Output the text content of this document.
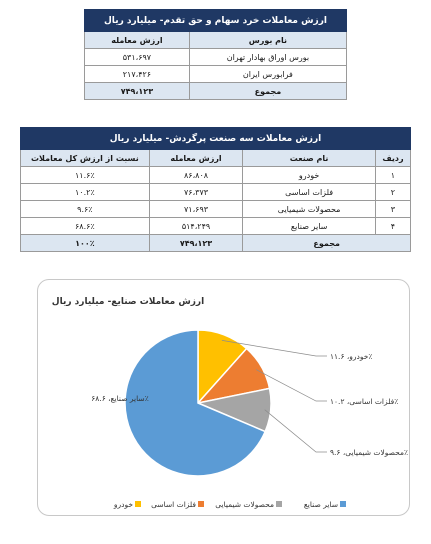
ارزش معاملات خرد سهام و حق تقدم- میلیارد ریال	
نام بورس	ارزش معامله
بورس اوراق بهادار تهران	۵۳۱،۶۹۷
فرابورس ایران	۲۱۷،۴۲۶
مجموع	۷۴۹،۱۲۳
ارزش معاملات سه صنعت پرگردش- میلیارد ریال			
ردیف	نام صنعت	ارزش معامله	نسبت از ارزش کل معاملات
۱	خودرو	۸۶،۸۰۸	۱۱.۶٪
۲	فلزات اساسی	۷۶،۳۷۳	۱۰.۲٪
۳	محصولات شیمیایی	۷۱،۶۹۳	۹.۶٪
۴	سایر صنایع	۵۱۴،۲۴۹	۶۸.۶٪
مجموع		۷۴۹،۱۲۳	۱۰۰٪
ارزش معاملات صنایع- میلیارد ریال
خودرو، ۱۱.۶٪
فلزات اساسی، ۱۰.۲٪
محصولات شیمیایی، ۹.۶٪
سایر صنایع، ۶۸.۶٪
سایر صنایع
محصولات شیمیایی
فلزات اساسی
خودرو
